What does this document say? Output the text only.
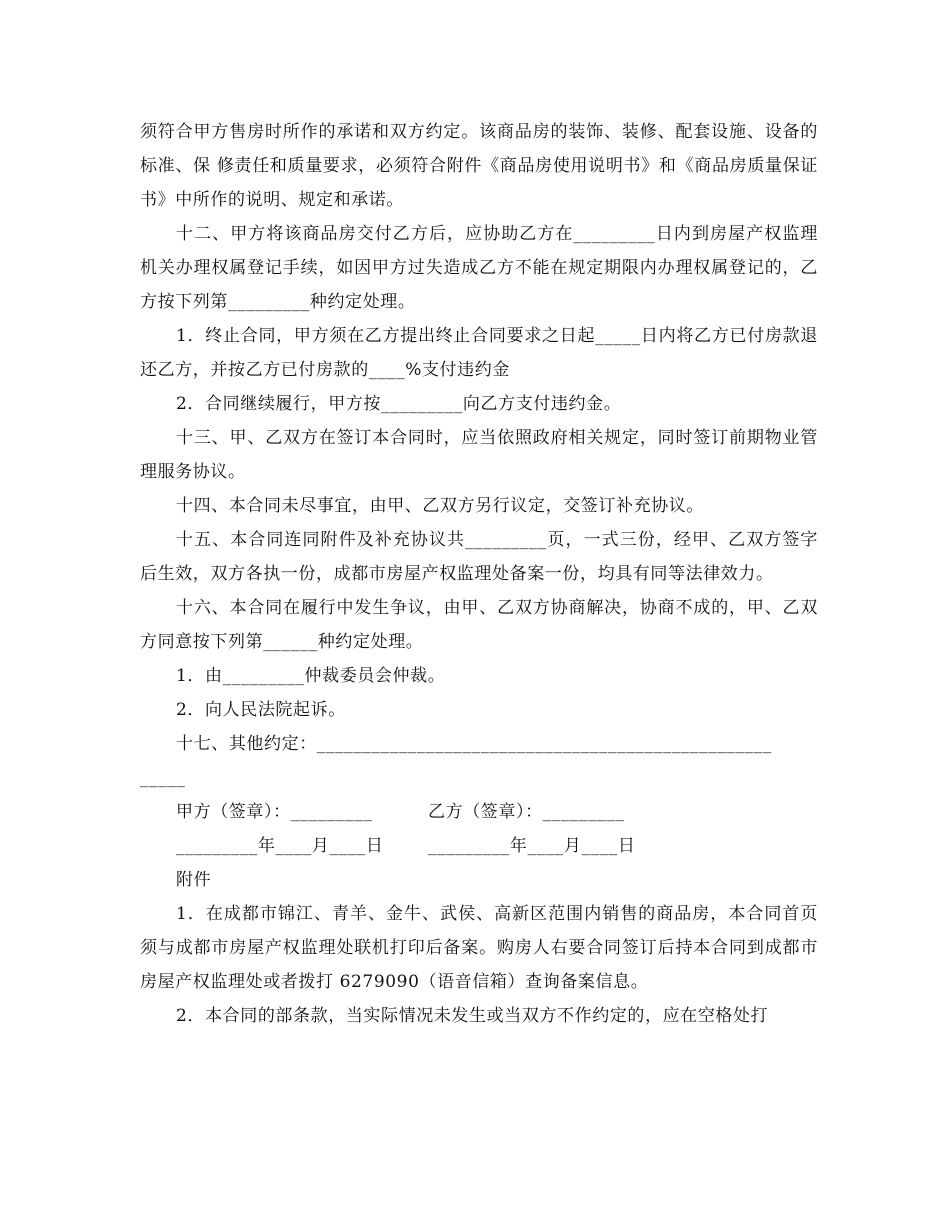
须符合甲方售房时所作的承诺和双方约定。该商品房的装饰、装修、配套设施、设备的标准、保 修责任和质量要求，必须符合附件《商品房使用说明书》和《商品房质量保证书》中所作的说明、规定和承诺。

十二、甲方将该商品房交付乙方后，应协助乙方在_________日内到房屋产权监理机关办理权属登记手续，如因甲方过失造成乙方不能在规定期限内办理权属登记的，乙方按下列第_________种约定处理。

1．终止合同，甲方须在乙方提出终止合同要求之日起_____日内将乙方已付房款退还乙方，并按乙方已付房款的____%支付违约金

2．合同继续履行，甲方按_________向乙方支付违约金。

十三、甲、乙双方在签订本合同时，应当依照政府相关规定，同时签订前期物业管理服务协议。

十四、本合同未尽事宜，由甲、乙双方另行议定，交签订补充协议。

十五、本合同连同附件及补充协议共_________页，一式三份，经甲、乙双方签字后生效，双方各执一份，成都市房屋产权监理处备案一份，均具有同等法律效力。

十六、本合同在履行中发生争议，由甲、乙双方协商解决，协商不成的，甲、乙双方同意按下列第______种约定处理。

1．由_________仲裁委员会仲裁。

2．向人民法院起诉。

十七、其他约定：__________________________________________________

_____

甲方（签章）：_________	乙方（签章）：_________
_________年____月____日	_________年____月____日

附件

1．在成都市锦江、青羊、金牛、武侯、高新区范围内销售的商品房，本合同首页须与成都市房屋产权监理处联机打印后备案。购房人右要合同签订后持本合同到成都市房屋产权监理处或者拨打 6279090（语音信箱）查询备案信息。

2．本合同的部条款，当实际情况未发生或当双方不作约定的，应在空格处打
